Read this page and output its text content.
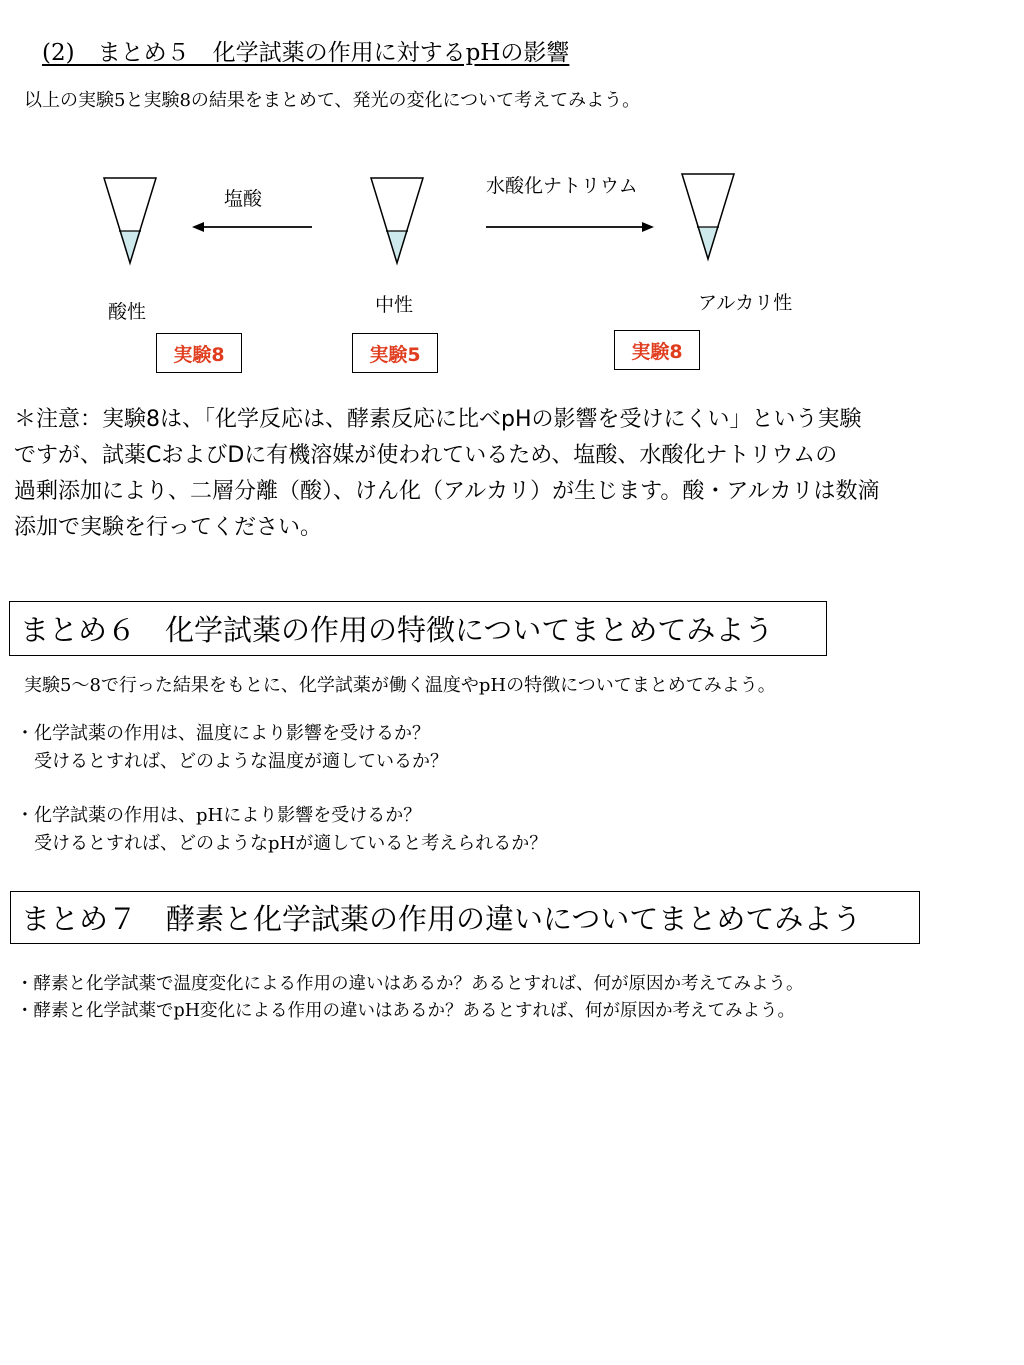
(2)　まとめ５　化学試薬の作用に対するpHの影響
以上の実験5と実験8の結果をまとめて、発光の変化について考えてみよう。
塩酸
水酸化ナトリウム
酸性	中性	アルカリ性
実験8	実験5	実験8
＊注意：実験8は、「化学反応は、酵素反応に比べpHの影響を受けにくい」という実験
ですが、試薬CおよびDに有機溶媒が使われているため、塩酸、水酸化ナトリウムの
過剰添加により、二層分離（酸）、けん化（アルカリ）が生じます。酸・アルカリは数滴
添加で実験を行ってください。
まとめ６　化学試薬の作用の特徴についてまとめてみよう
実験5〜8で行った結果をもとに、化学試薬が働く温度やpHの特徴についてまとめてみよう。
・化学試薬の作用は、温度により影響を受けるか？
　受けるとすれば、どのような温度が適しているか？
・化学試薬の作用は、pHにより影響を受けるか？
　受けるとすれば、どのようなpHが適していると考えられるか？
まとめ７　酵素と化学試薬の作用の違いについてまとめてみよう
・酵素と化学試薬で温度変化による作用の違いはあるか？あるとすれば、何が原因か考えてみよう。
・酵素と化学試薬でpH変化による作用の違いはあるか？あるとすれば、何が原因か考えてみよう。
